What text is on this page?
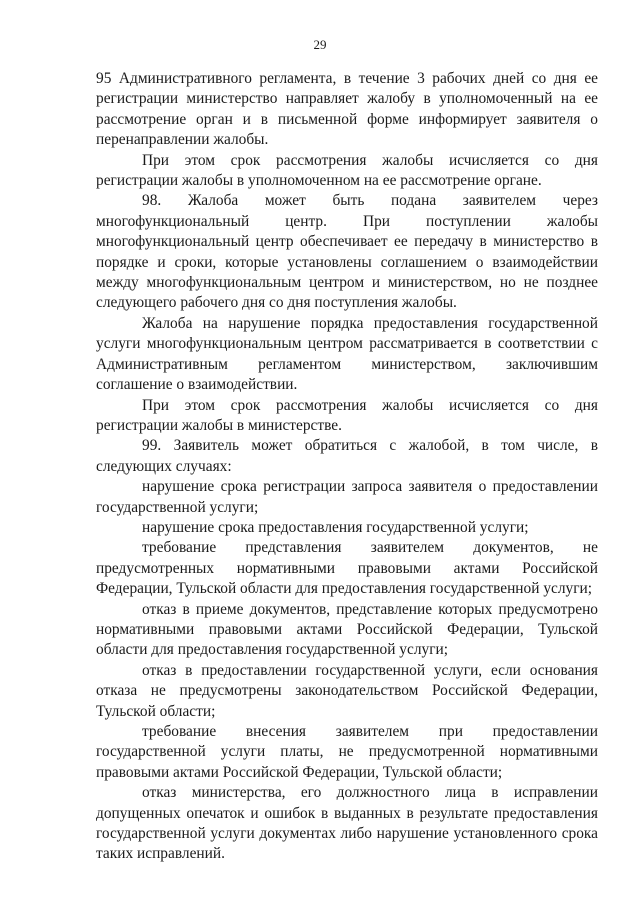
29

95 Административного регламента, в течение 3 рабочих дней со дня ее регистрации министерство направляет жалобу в уполномоченный на ее рассмотрение орган и в письменной форме информирует заявителя о перенаправлении жалобы.

При этом срок рассмотрения жалобы исчисляется со дня регистрации жалобы в уполномоченном на ее рассмотрение органе.

98. Жалоба может быть подана заявителем через многофункциональный центр. При поступлении жалобы многофункциональный центр обеспечивает ее передачу в министерство в порядке и сроки, которые установлены соглашением о взаимодействии между многофункциональным центром и министерством, но не позднее следующего рабочего дня со дня поступления жалобы.

Жалоба на нарушение порядка предоставления государственной услуги многофункциональным центром рассматривается в соответствии с Административным регламентом министерством, заключившим соглашение о взаимодействии.

При этом срок рассмотрения жалобы исчисляется со дня регистрации жалобы в министерстве.

99. Заявитель может обратиться с жалобой, в том числе, в следующих случаях:

нарушение срока регистрации запроса заявителя о предоставлении государственной услуги;

нарушение срока предоставления государственной услуги;

требование представления заявителем документов, не предусмотренных нормативными правовыми актами Российской Федерации, Тульской области для предоставления государственной услуги;

отказ в приеме документов, представление которых предусмотрено нормативными правовыми актами Российской Федерации, Тульской области для предоставления государственной услуги;

отказ в предоставлении государственной услуги, если основания отказа не предусмотрены законодательством Российской Федерации, Тульской области;

требование внесения заявителем при предоставлении государственной услуги платы, не предусмотренной нормативными правовыми актами Российской Федерации, Тульской области;

отказ министерства, его должностного лица в исправлении допущенных опечаток и ошибок в выданных в результате предоставления государственной услуги документах либо нарушение установленного срока таких исправлений.
